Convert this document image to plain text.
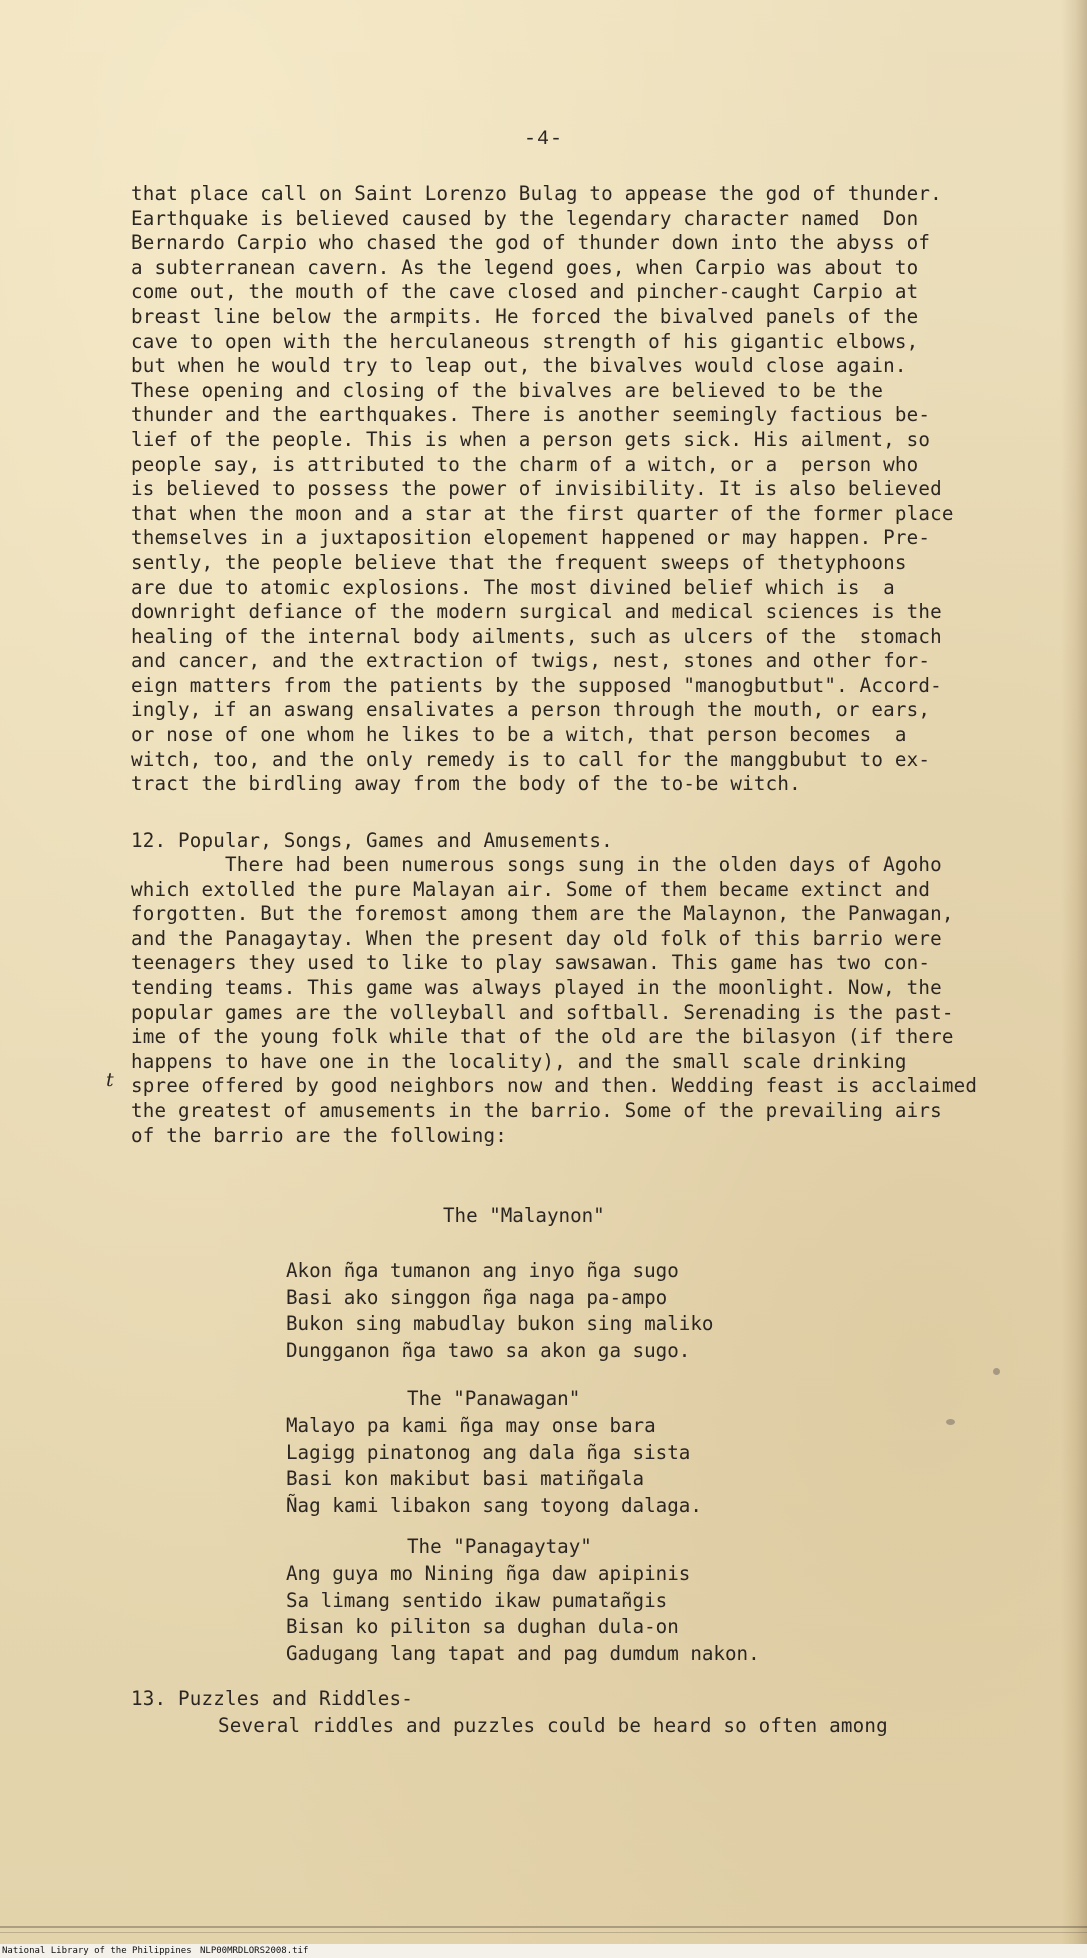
-4-
that place call on Saint Lorenzo Bulag to appease the god of thunder.
Earthquake is believed caused by the legendary character named  Don
Bernardo Carpio who chased the god of thunder down into the abyss of
a subterranean cavern. As the legend goes, when Carpio was about to
come out, the mouth of the cave closed and pincher-caught Carpio at
breast line below the armpits. He forced the bivalved panels of the
cave to open with the herculaneous strength of his gigantic elbows,
but when he would try to leap out, the bivalves would close again.
These opening and closing of the bivalves are believed to be the
thunder and the earthquakes. There is another seemingly factious be-
lief of the people. This is when a person gets sick. His ailment, so
people say, is attributed to the charm of a witch, or a  person who
is believed to possess the power of invisibility. It is also believed
that when the moon and a star at the first quarter of the former place
themselves in a juxtaposition elopement happened or may happen. Pre-
sently, the people believe that the frequent sweeps of thetyphoons
are due to atomic explosions. The most divined belief which is  a
downright defiance of the modern surgical and medical sciences is the
healing of the internal body ailments, such as ulcers of the  stomach
and cancer, and the extraction of twigs, nest, stones and other for-
eign matters from the patients by the supposed "manogbutbut". Accord-
ingly, if an aswang ensalivates a person through the mouth, or ears,
or nose of one whom he likes to be a witch, that person becomes  a
witch, too, and the only remedy is to call for the manggbubut to ex-
tract the birdling away from the body of the to-be witch.
12. Popular, Songs, Games and Amusements.
There had been numerous songs sung in the olden days of Agoho
which extolled the pure Malayan air. Some of them became extinct and
forgotten. But the foremost among them are the Malaynon, the Panwagan,
and the Panagaytay. When the present day old folk of this barrio were
teenagers they used to like to play sawsawan. This game has two con-
tending teams. This game was always played in the moonlight. Now, the
popular games are the volleyball and softball. Serenading is the past-
ime of the young folk while that of the old are the bilasyon (if there
happens to have one in the locality), and the small scale drinking
spree offered by good neighbors now and then. Wedding feast is acclaimed
the greatest of amusements in the barrio. Some of the prevailing airs
of the barrio are the following:
t
The "Malaynon"
Akon ñga tumanon ang inyo ñga sugo
Basi ako singgon ñga naga pa-ampo
Bukon sing mabudlay bukon sing maliko
Dungganon ñga tawo sa akon ga sugo.
The "Panawagan"
Malayo pa kami ñga may onse bara
Lagigg pinatonog ang dala ñga sista
Basi kon makibut basi matiñgala
Ñag kami libakon sang toyong dalaga.
The "Panagaytay"
Ang guya mo Nining ñga daw apipinis
Sa limang sentido ikaw pumatañgis
Bisan ko piliton sa dughan dula-on
Gadugang lang tapat and pag dumdum nakon.
13. Puzzles and Riddles-
Several riddles and puzzles could be heard so often among
National Library of the Philippines NLP00MRDLORS2008.tif
